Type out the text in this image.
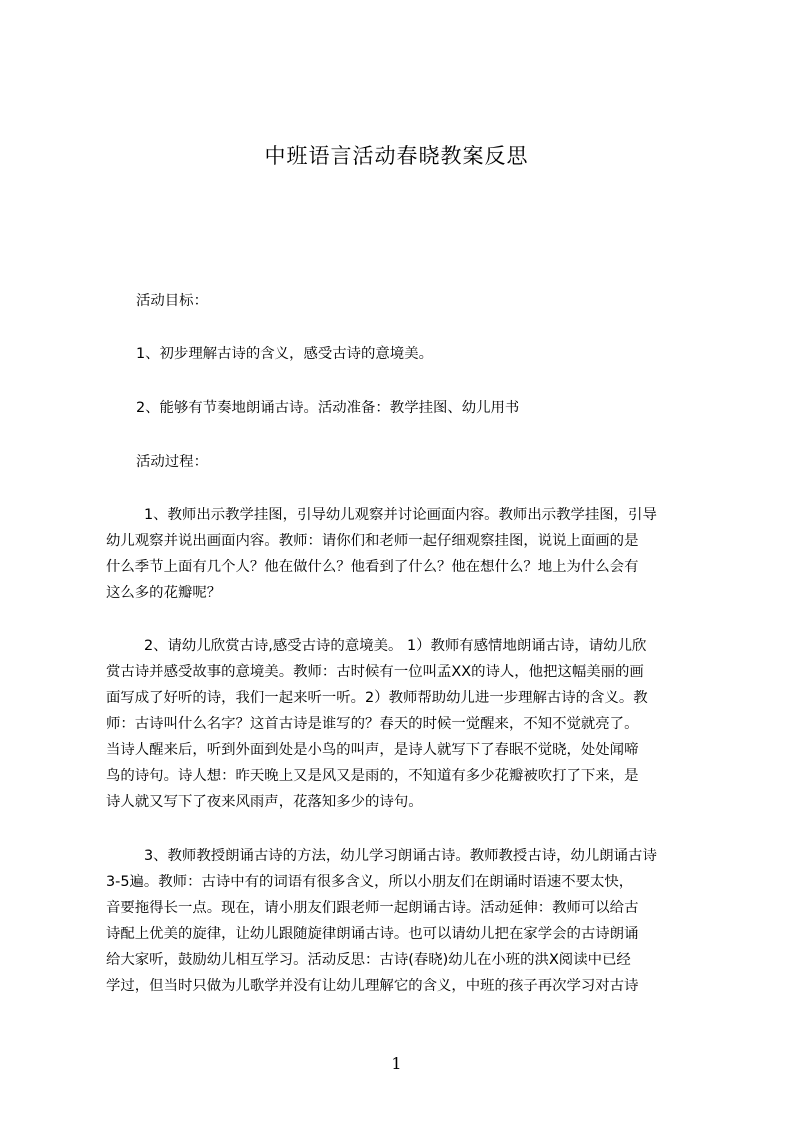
中班语言活动春晓教案反思
活动目标：
1、初步理解古诗的含义，感受古诗的意境美。
2、能够有节奏地朗诵古诗。活动准备：教学挂图、幼儿用书
活动过程：
1、教师出示教学挂图，引导幼儿观察并讨论画面内容。教师出示教学挂图，引导
幼儿观察并说出画面内容。教师：请你们和老师一起仔细观察挂图，说说上面画的是
什么季节上面有几个人？他在做什么？他看到了什么？他在想什么？地上为什么会有
这么多的花瓣呢？
2、请幼儿欣赏古诗,感受古诗的意境美。 1）教师有感情地朗诵古诗，请幼儿欣
赏古诗并感受故事的意境美。教师：古时候有一位叫孟XX的诗人，他把这幅美丽的画
面写成了好听的诗，我们一起来听一听。2）教师帮助幼儿进一步理解古诗的含义。教
师：古诗叫什么名字？这首古诗是谁写的？春天的时候一觉醒来，不知不觉就亮了。
当诗人醒来后，听到外面到处是小鸟的叫声，是诗人就写下了春眠不觉晓，处处闻啼
鸟的诗句。诗人想：昨天晚上又是风又是雨的，不知道有多少花瓣被吹打了下来，是
诗人就又写下了夜来风雨声，花落知多少的诗句。
3、教师教授朗诵古诗的方法，幼儿学习朗诵古诗。教师教授古诗，幼儿朗诵古诗
3-5遍。教师：古诗中有的词语有很多含义，所以小朋友们在朗诵时语速不要太快，
音要拖得长一点。现在，请小朋友们跟老师一起朗诵古诗。活动延伸：教师可以给古
诗配上优美的旋律，让幼儿跟随旋律朗诵古诗。也可以请幼儿把在家学会的古诗朗诵
给大家听，鼓励幼儿相互学习。活动反思：古诗(春晓)幼儿在小班的洪X阅读中已经
学过，但当时只做为儿歌学并没有让幼儿理解它的含义，中班的孩子再次学习对古诗
1
